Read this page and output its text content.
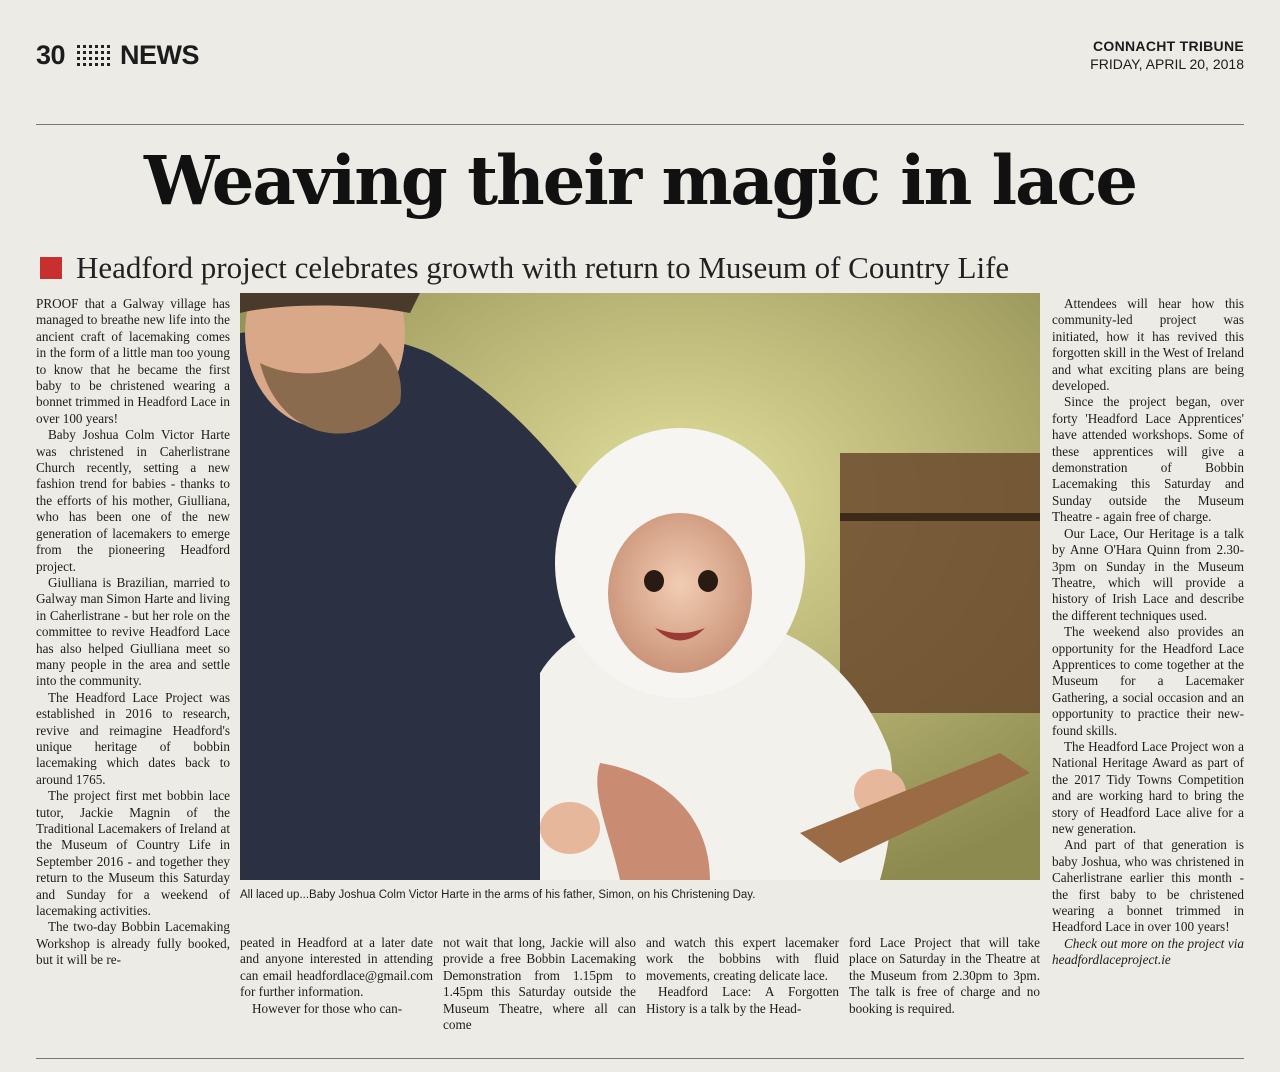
30 NEWS	CONNACHT TRIBUNE
FRIDAY, APRIL 20, 2018
Weaving their magic in lace
Headford project celebrates growth with return to Museum of Country Life

PROOF that a Galway village has managed to breathe new life into the ancient craft of lacemaking comes in the form of a little man too young to know that he became the first baby to be christened wearing a bonnet trimmed in Headford Lace in over 100 years!

Baby Joshua Colm Victor Harte was christened in Caherlistrane Church recently, setting a new fashion trend for babies - thanks to the efforts of his mother, Giulliana, who has been one of the new generation of lacemakers to emerge from the pioneering Headford project.

Giulliana is Brazilian, married to Galway man Simon Harte and living in Caherlistrane - but her role on the committee to revive Headford Lace has also helped Giulliana meet so many people in the area and settle into the community.

The Headford Lace Project was established in 2016 to research, revive and reimagine Headford's unique heritage of bobbin lacemaking which dates back to around 1765.

The project first met bobbin lace tutor, Jackie Magnin of the Traditional Lacemakers of Ireland at the Museum of Country Life in September 2016 - and together they return to the Museum this Saturday and Sunday for a weekend of lacemaking activities.

The two-day Bobbin Lacemaking Workshop is already fully booked, but it will be re-

All laced up...Baby Joshua Colm Victor Harte in the arms of his father, Simon, on his Christening Day.

peated in Headford at a later date and anyone interested in attending can email headfordlace@gmail.com for further information.

However for those who can-

not wait that long, Jackie will also provide a free Bobbin Lacemaking Demonstration from 1.15pm to 1.45pm this Saturday outside the Museum Theatre, where all can come

and watch this expert lacemaker work the bobbins with fluid movements, creating delicate lace.

Headford Lace: A Forgotten History is a talk by the Head-

ford Lace Project that will take place on Saturday in the Theatre at the Museum from 2.30pm to 3pm. The talk is free of charge and no booking is required.

Attendees will hear how this community-led project was initiated, how it has revived this forgotten skill in the West of Ireland and what exciting plans are being developed.

Since the project began, over forty 'Headford Lace Apprentices' have attended workshops. Some of these apprentices will give a demonstration of Bobbin Lacemaking this Saturday and Sunday outside the Museum Theatre - again free of charge.

Our Lace, Our Heritage is a talk by Anne O'Hara Quinn from 2.30-3pm on Sunday in the Museum Theatre, which will provide a history of Irish Lace and describe the different techniques used.

The weekend also provides an opportunity for the Headford Lace Apprentices to come together at the Museum for a Lacemaker Gathering, a social occasion and an opportunity to practice their new-found skills.

The Headford Lace Project won a National Heritage Award as part of the 2017 Tidy Towns Competition and are working hard to bring the story of Headford Lace alive for a new generation.

And part of that generation is baby Joshua, who was christened in Caherlistrane earlier this month - the first baby to be christened wearing a bonnet trimmed in Headford Lace in over 100 years!

Check out more on the project via headfordlaceproject.ie
